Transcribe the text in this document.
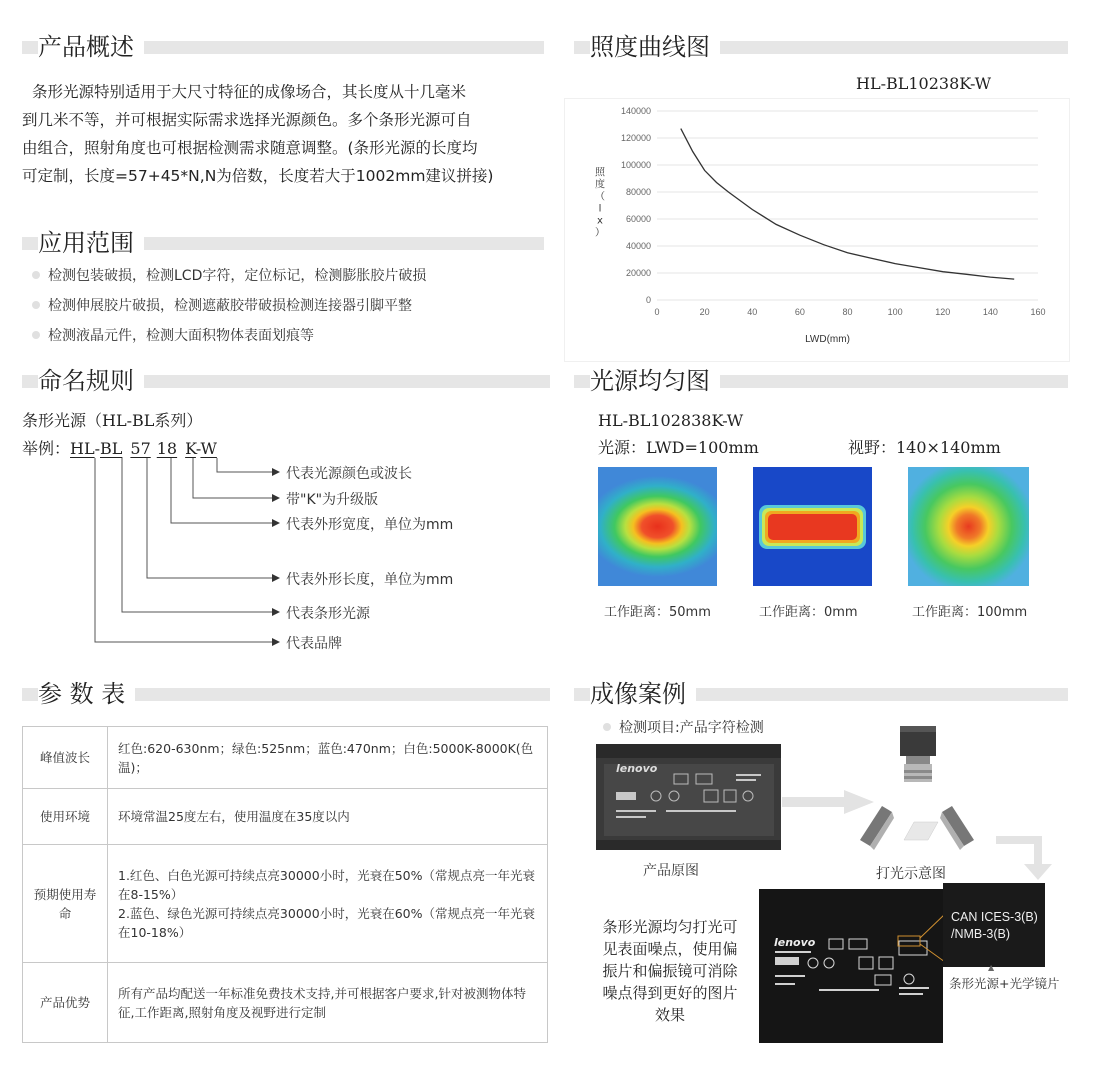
产品概述
条形光源特别适用于大尺寸特征的成像场合，其长度从十几毫米
到几米不等，并可根据实际需求选择光源颜色。多个条形光源可自
由组合，照射角度也可根据检测需求随意调整。(条形光源的长度均
可定制，长度=57+45*N,N为倍数，长度若大于1002mm建议拼接)
应用范围
检测包装破损，检测LCD字符，定位标记，检测膨胀胶片破损
检测伸展胶片破损，检测遮蔽胶带破损检测连接器引脚平整
检测液晶元件，检测大面积物体表面划痕等
命名规则
条形光源（HL-BL系列）
举例：HL-BL 57 18 K-W
代表光源颜色或波长
带"K"为升级版
代表外形宽度，单位为mm
代表外形长度，单位为mm
代表条形光源
代表品牌
参 数 表
峰值波长	红色:620-630nm；绿色:525nm；蓝色:470nm；白色:5000K-8000K(色温)；
使用环境	环境常温25度左右，使用温度在35度以内
预期使用寿命	1.红色、白色光源可持续点亮30000小时，光衰在50%（常规点亮一年光衰在8-15%）
2.蓝色、绿色光源可持续点亮30000小时，光衰在60%（常规点亮一年光衰在10-18%）

产品优势	所有产品均配送一年标准免费技术支持,并可根据客户要求,针对被测物体特征,工作距离,照射角度及视野进行定制
照度曲线图
HL-BL10238K-W
0
20000
40000
60000
80000
100000
120000
140000
0	20	40	60	80	100	120	140	160
LWD(mm)
照度（ l x ）
光源均匀图
HL-BL102838K-W
光源：LWD=100mm	视野：140×140mm
工作距离：50mm	工作距离：0mm	工作距离：100mm
成像案例
检测项目:产品字符检测
lenovo
产品原图	打光示意图
条形光源均匀打光可
见表面噪点，使用偏
振片和偏振镜可消除
噪点得到更好的图片
效果
lenovo
CAN ICES-3(B)
/NMB-3(B)
▲
条形光源+光学镜片
